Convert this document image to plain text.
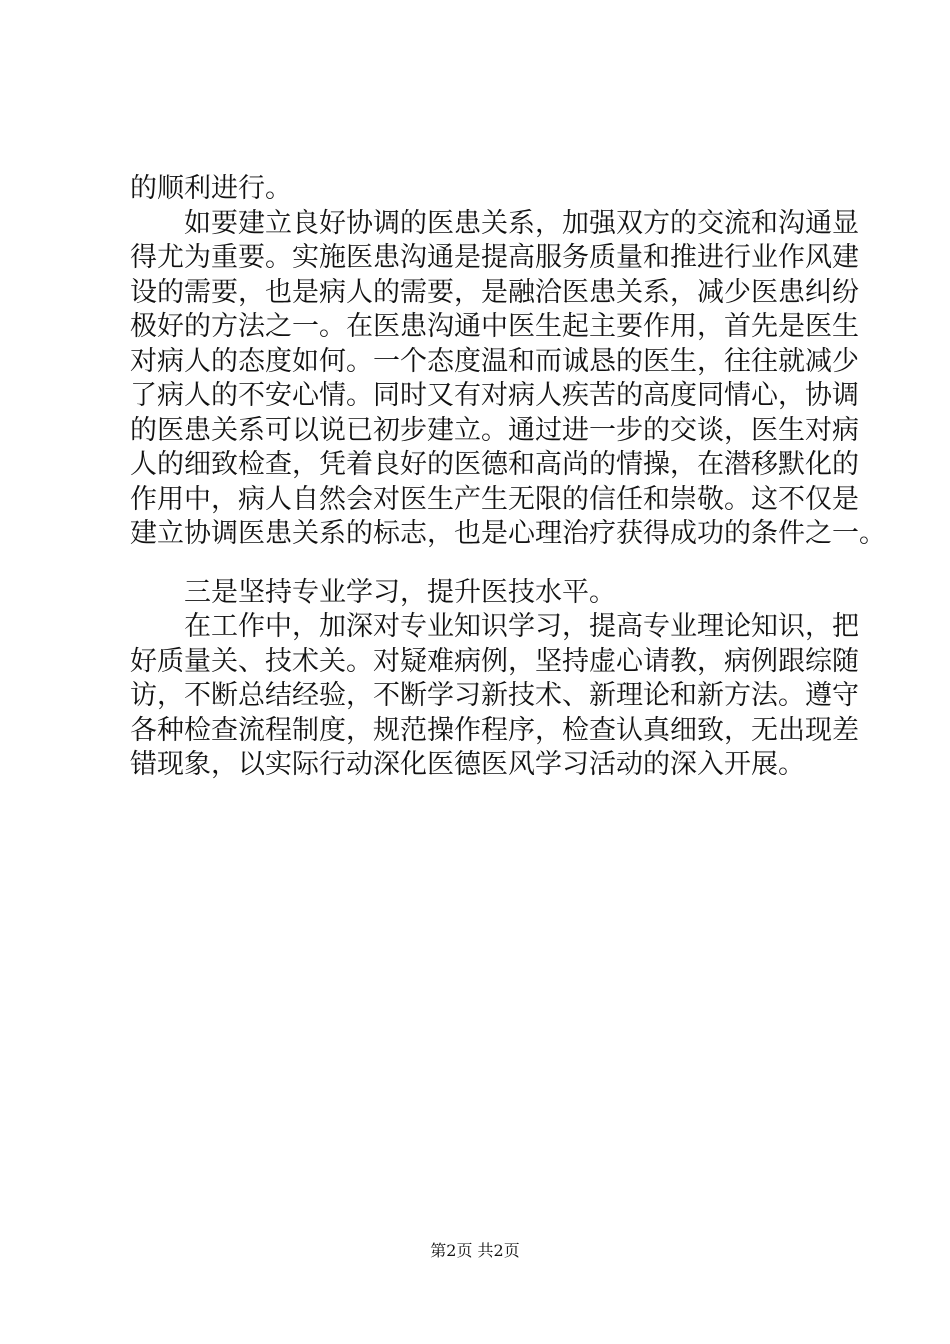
的顺利进行。
如要建立良好协调的医患关系，加强双方的交流和沟通显
得尤为重要。实施医患沟通是提高服务质量和推进行业作风建
设的需要，也是病人的需要，是融洽医患关系，减少医患纠纷
极好的方法之一。在医患沟通中医生起主要作用，首先是医生
对病人的态度如何。一个态度温和而诚恳的医生，往往就减少
了病人的不安心情。同时又有对病人疾苦的高度同情心，协调
的医患关系可以说已初步建立。通过进一步的交谈，医生对病
人的细致检查，凭着良好的医德和高尚的情操，在潜移默化的
作用中，病人自然会对医生产生无限的信任和崇敬。这不仅是
建立协调医患关系的标志，也是心理治疗获得成功的条件之一。
三是坚持专业学习，提升医技水平。
在工作中，加深对专业知识学习，提高专业理论知识，把
好质量关、技术关。对疑难病例，坚持虚心请教，病例跟综随
访，不断总结经验，不断学习新技术、新理论和新方法。遵守
各种检查流程制度，规范操作程序，检查认真细致，无出现差
错现象，以实际行动深化医德医风学习活动的深入开展。
第2页 共2页
